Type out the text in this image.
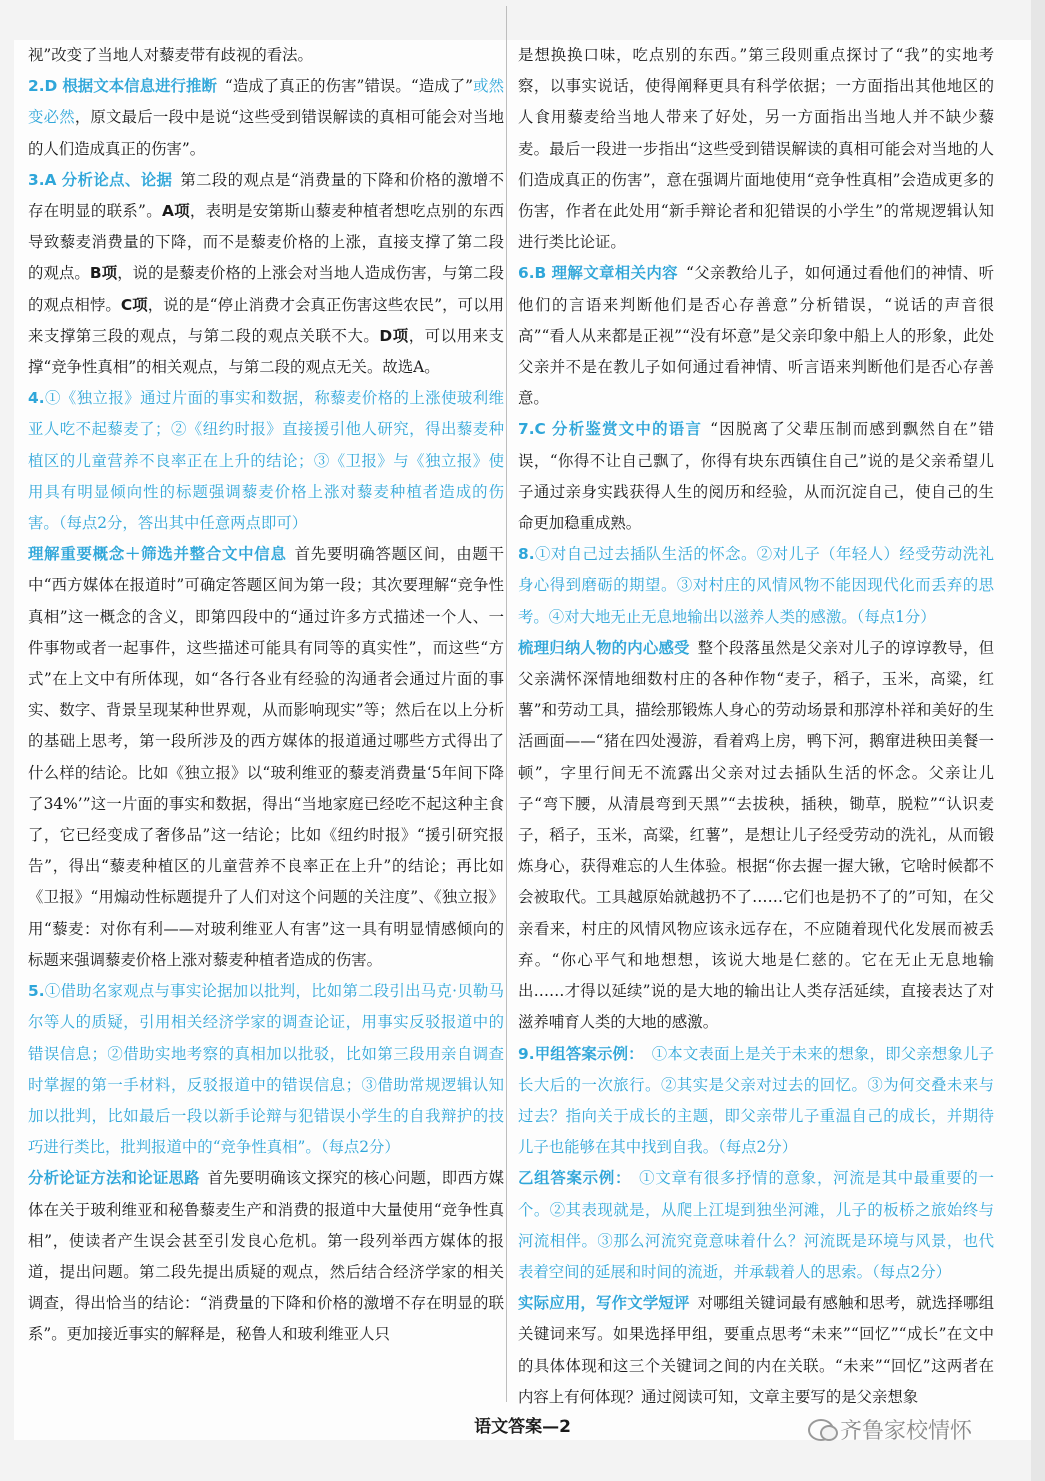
视”改变了当地人对藜麦带有歧视的看法。

2.D 根据文本信息进行推断 “造成了真正的伤害”错误。“造成了”或然变必然，原文最后一段中是说“这些受到错误解读的真相可能会对当地的人们造成真正的伤害”。

3.A 分析论点、论据 第二段的观点是“消费量的下降和价格的激增不存在明显的联系”。A项，表明是安第斯山藜麦种植者想吃点别的东西导致藜麦消费量的下降，而不是藜麦价格的上涨，直接支撑了第二段的观点。B项，说的是藜麦价格的上涨会对当地人造成伤害，与第二段的观点相悖。C项，说的是“停止消费才会真正伤害这些农民”，可以用来支撑第三段的观点，与第二段的观点关联不大。D项，可以用来支撑“竞争性真相”的相关观点，与第二段的观点无关。故选A。

4.①《独立报》通过片面的事实和数据，称藜麦价格的上涨使玻利维亚人吃不起藜麦了；②《纽约时报》直接援引他人研究，得出藜麦种植区的儿童营养不良率正在上升的结论；③《卫报》与《独立报》使用具有明显倾向性的标题强调藜麦价格上涨对藜麦种植者造成的伤害。（每点2分，答出其中任意两点即可）

理解重要概念＋筛选并整合文中信息 首先要明确答题区间，由题干中“西方媒体在报道时”可确定答题区间为第一段；其次要理解“竞争性真相”这一概念的含义，即第四段中的“通过许多方式描述一个人、一件事物或者一起事件，这些描述可能具有同等的真实性”，而这些“方式”在上文中有所体现，如“各行各业有经验的沟通者会通过片面的事实、数字、背景呈现某种世界观，从而影响现实”等；然后在以上分析的基础上思考，第一段所涉及的西方媒体的报道通过哪些方式得出了什么样的结论。比如《独立报》以“玻利维亚的藜麦消费量‘5年间下降了34%’”这一片面的事实和数据，得出“当地家庭已经吃不起这种主食了，它已经变成了奢侈品”这一结论；比如《纽约时报》“援引研究报告”，得出“藜麦种植区的儿童营养不良率正在上升”的结论；再比如《卫报》“用煽动性标题提升了人们对这个问题的关注度”、《独立报》用“藜麦：对你有利——对玻利维亚人有害”这一具有明显情感倾向的标题来强调藜麦价格上涨对藜麦种植者造成的伤害。

5.①借助名家观点与事实论据加以批判，比如第二段引出马克·贝勒马尔等人的质疑，引用相关经济学家的调查论证，用事实反驳报道中的错误信息；②借助实地考察的真相加以批驳，比如第三段用亲自调查时掌握的第一手材料，反驳报道中的错误信息；③借助常规逻辑认知加以批判，比如最后一段以新手论辩与犯错误小学生的自我辩护的技巧进行类比，批判报道中的“竞争性真相”。（每点2分）

分析论证方法和论证思路 首先要明确该文探究的核心问题，即西方媒体在关于玻利维亚和秘鲁藜麦生产和消费的报道中大量使用“竞争性真相”，使读者产生误会甚至引发良心危机。第一段列举西方媒体的报道，提出问题。第二段先提出质疑的观点，然后结合经济学家的相关调查，得出恰当的结论：“消费量的下降和价格的激增不存在明显的联系”。更加接近事实的解释是，秘鲁人和玻利维亚人只

是想换换口味，吃点别的东西。”第三段则重点探讨了“我”的实地考察，以事实说话，使得阐释更具有科学依据；一方面指出其他地区的人食用藜麦给当地人带来了好处，另一方面指出当地人并不缺少藜麦。最后一段进一步指出“这些受到错误解读的真相可能会对当地的人们造成真正的伤害”，意在强调片面地使用“竞争性真相”会造成更多的伤害，作者在此处用“新手辩论者和犯错误的小学生”的常规逻辑认知进行类比论证。

6.B 理解文章相关内容 “父亲教给儿子，如何通过看他们的神情、听他们的言语来判断他们是否心存善意”分析错误，“说话的声音很高”“看人从来都是正视”“没有坏意”是父亲印象中船上人的形象，此处父亲并不是在教儿子如何通过看神情、听言语来判断他们是否心存善意。

7.C 分析鉴赏文中的语言 “因脱离了父辈压制而感到飘然自在”错误，“你得不让自己飘了，你得有块东西镇住自己”说的是父亲希望儿子通过亲身实践获得人生的阅历和经验，从而沉淀自己，使自己的生命更加稳重成熟。

8.①对自己过去插队生活的怀念。②对儿子（年轻人）经受劳动洗礼身心得到磨砺的期望。③对村庄的风情风物不能因现代化而丢弃的思考。④对大地无止无息地输出以滋养人类的感激。（每点1分）

梳理归纳人物的内心感受 整个段落虽然是父亲对儿子的谆谆教导，但父亲满怀深情地细数村庄的各种作物“麦子，稻子，玉米，高粱，红薯”和劳动工具，描绘那锻炼人身心的劳动场景和那淳朴祥和美好的生活画面——“猪在四处漫游，看着鸡上房，鸭下河，鹅窜进秧田美餐一顿”，字里行间无不流露出父亲对过去插队生活的怀念。父亲让儿子“弯下腰，从清晨弯到天黑”“去拔秧，插秧，锄草，脱粒”“认识麦子，稻子，玉米，高粱，红薯”，是想让儿子经受劳动的洗礼，从而锻炼身心，获得难忘的人生体验。根据“你去握一握大锹，它啥时候都不会被取代。工具越原始就越扔不了……它们也是扔不了的”可知，在父亲看来，村庄的风情风物应该永远存在，不应随着现代化发展而被丢弃。“你心平气和地想想，该说大地是仁慈的。它在无止无息地输出……才得以延续”说的是大地的输出让人类存活延续，直接表达了对滋养哺育人类的大地的感激。

9.甲组答案示例： ①本文表面上是关于未来的想象，即父亲想象儿子长大后的一次旅行。②其实是父亲对过去的回忆。③为何交叠未来与过去？指向关于成长的主题，即父亲带儿子重温自己的成长，并期待儿子也能够在其中找到自我。（每点2分）

乙组答案示例： ①文章有很多抒情的意象，河流是其中最重要的一个。②其表现就是，从爬上江堤到独坐河滩，儿子的板桥之旅始终与河流相伴。③那么河流究竟意味着什么？河流既是环境与风景，也代表着空间的延展和时间的流逝，并承载着人的思索。（每点2分）

实际应用，写作文学短评 对哪组关键词最有感触和思考，就选择哪组关键词来写。如果选择甲组，要重点思考“未来”“回忆”“成长”在文中的具体体现和这三个关键词之间的内在关联。“未来”“回忆”这两者在内容上有何体现？通过阅读可知，文章主要写的是父亲想象

语文答案—2	齐鲁家校情怀
